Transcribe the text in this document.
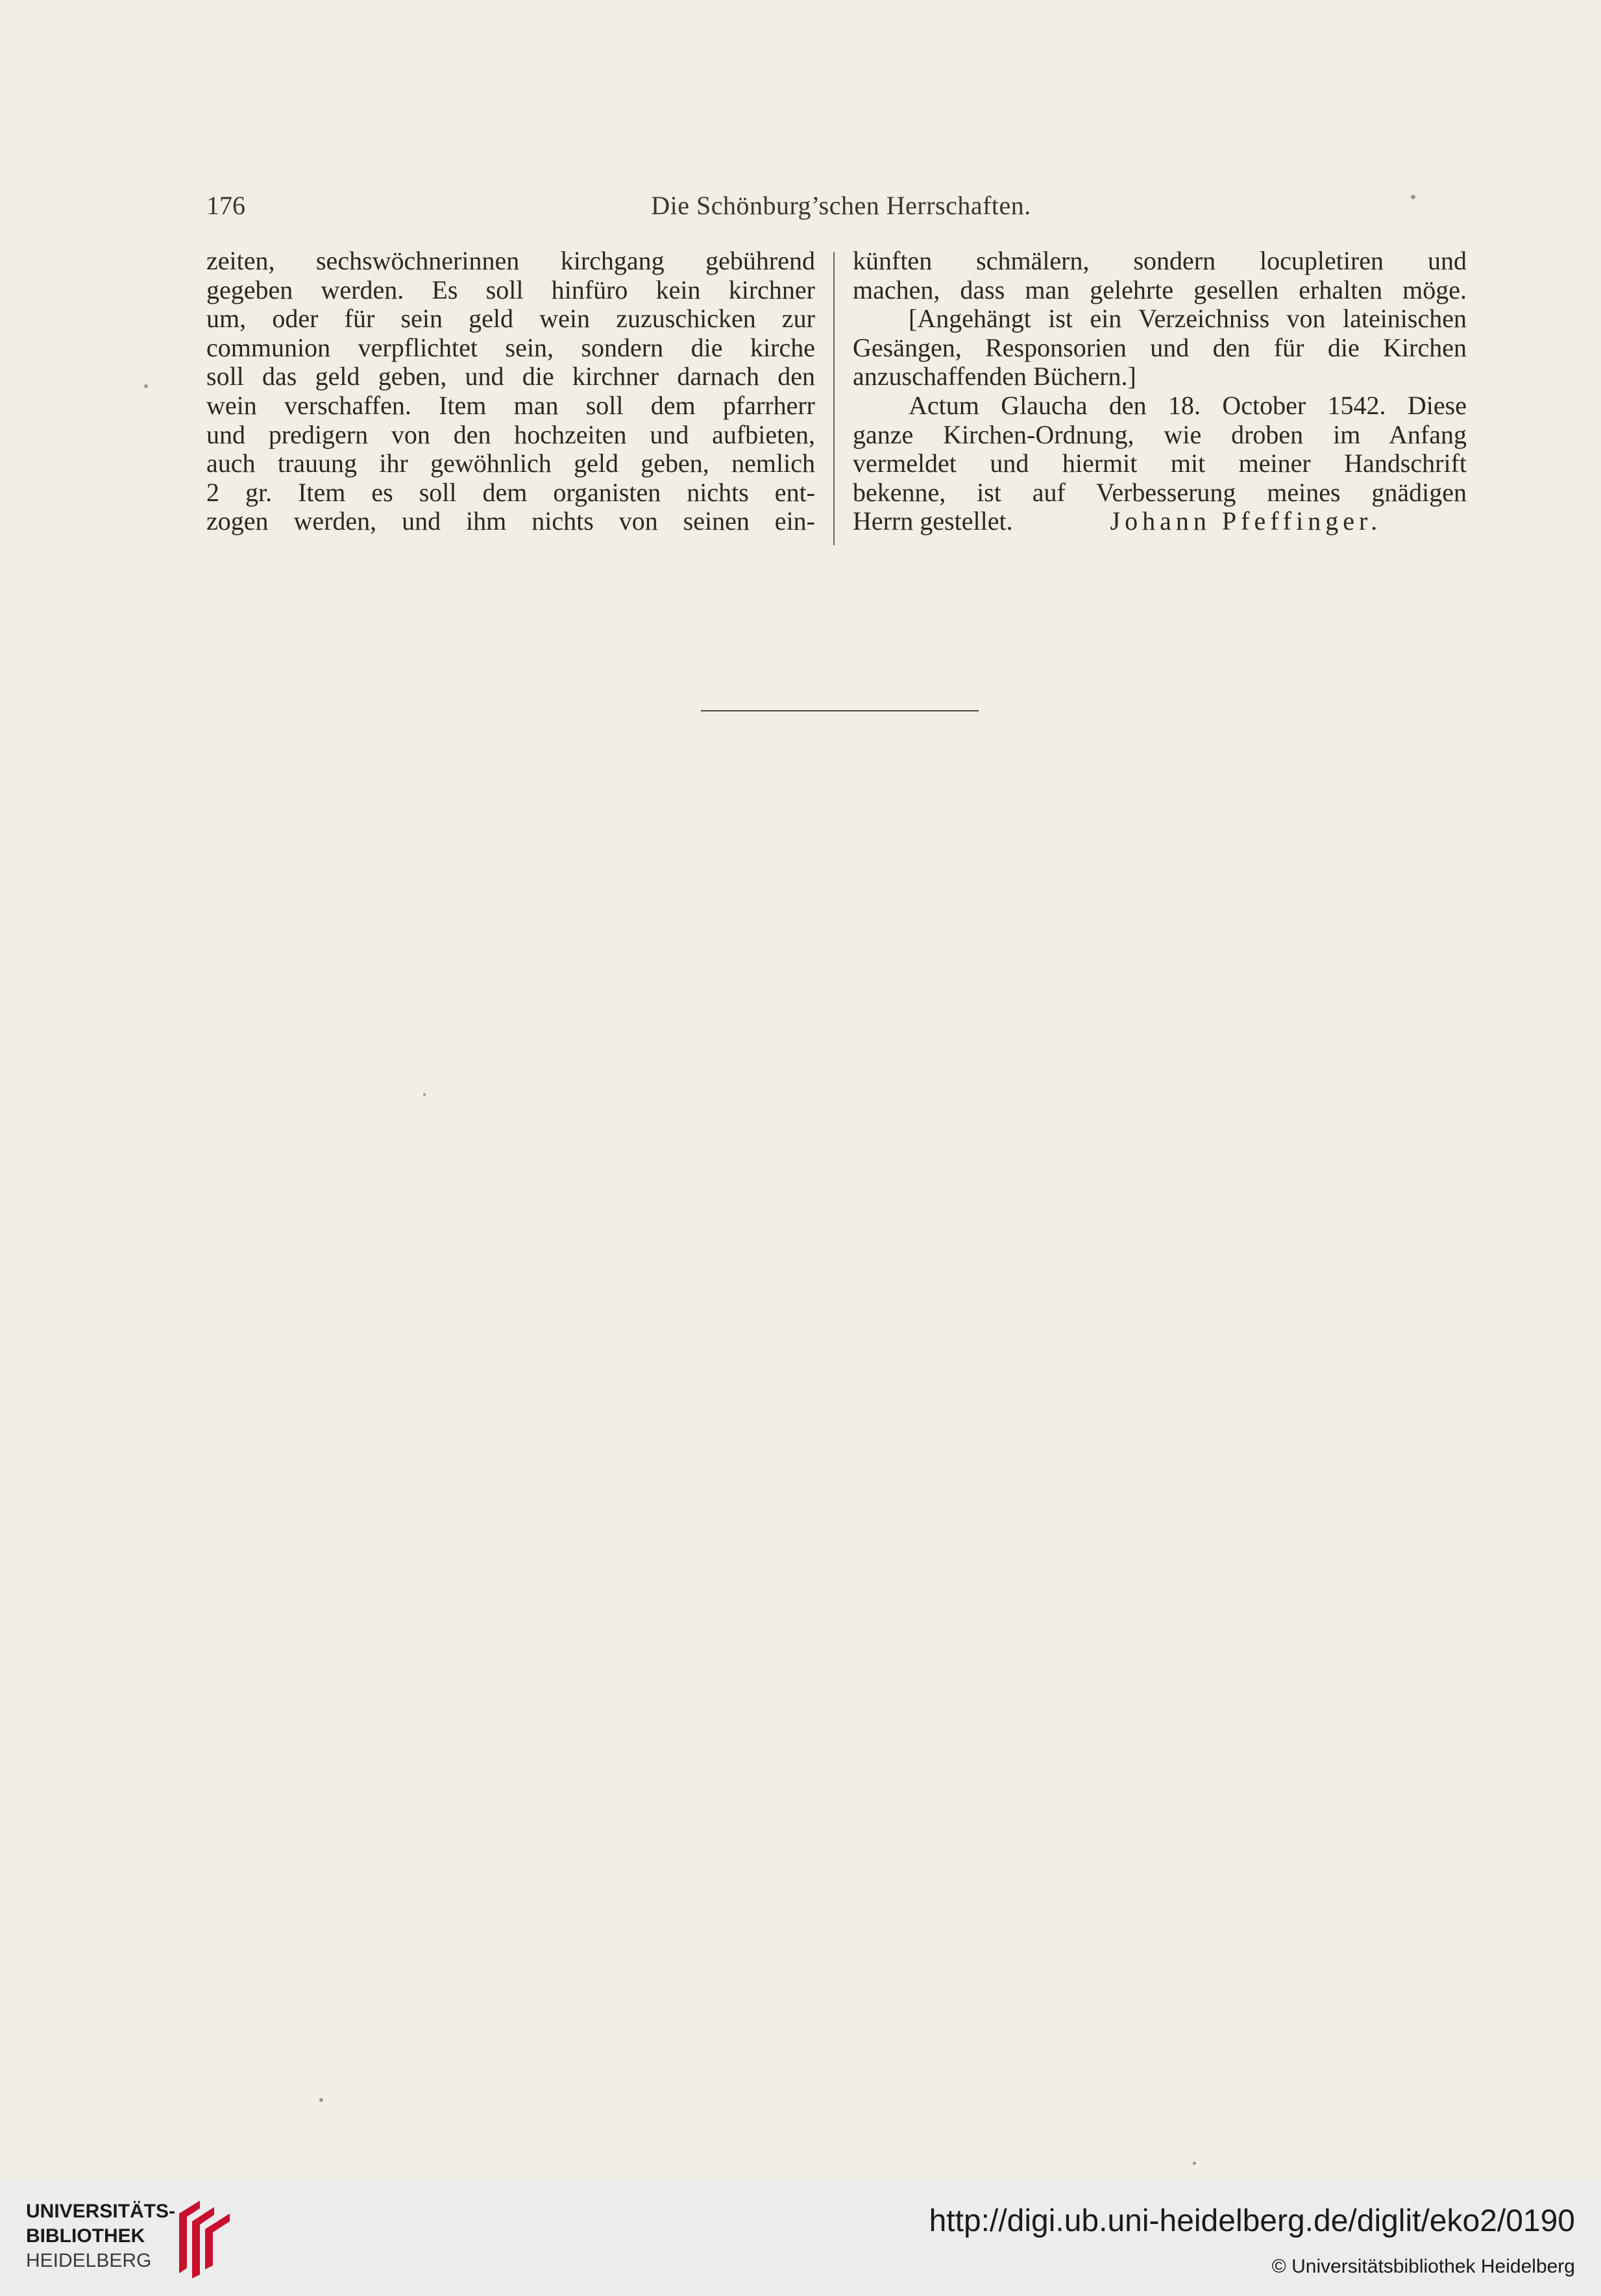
176	Die Schönburg’schen Herrschaften.
zeiten, sechswöchnerinnen kirchgang gebührend
gegeben werden. Es soll hinfüro kein kirchner
um, oder für sein geld wein zuzuschicken zur
communion verpflichtet sein, sondern die kirche
soll das geld geben, und die kirchner darnach den
wein verschaffen. Item man soll dem pfarrherr
und predigern von den hochzeiten und aufbieten,
auch trauung ihr gewöhnlich geld geben, nemlich
2 gr. Item es soll dem organisten nichts ent-
zogen werden, und ihm nichts von seinen ein-
künften schmälern, sondern locupletiren und
machen, dass man gelehrte gesellen erhalten möge.
[Angehängt ist ein Verzeichniss von lateinischen
Gesängen, Responsorien und den für die Kirchen
anzuschaffenden Büchern.]
Actum Glaucha den 18. October 1542. Diese
ganze Kirchen-Ordnung, wie droben im Anfang
vermeldet und hiermit mit meiner Handschrift
bekenne, ist auf Verbesserung meines gnädigen
Herrn gestellet.	Johann Pfeffinger.
UNIVERSITÄTS-
BIBLIOTHEK
HEIDELBERG
http://digi.ub.uni-heidelberg.de/diglit/eko2/0190
© Universitätsbibliothek Heidelberg
